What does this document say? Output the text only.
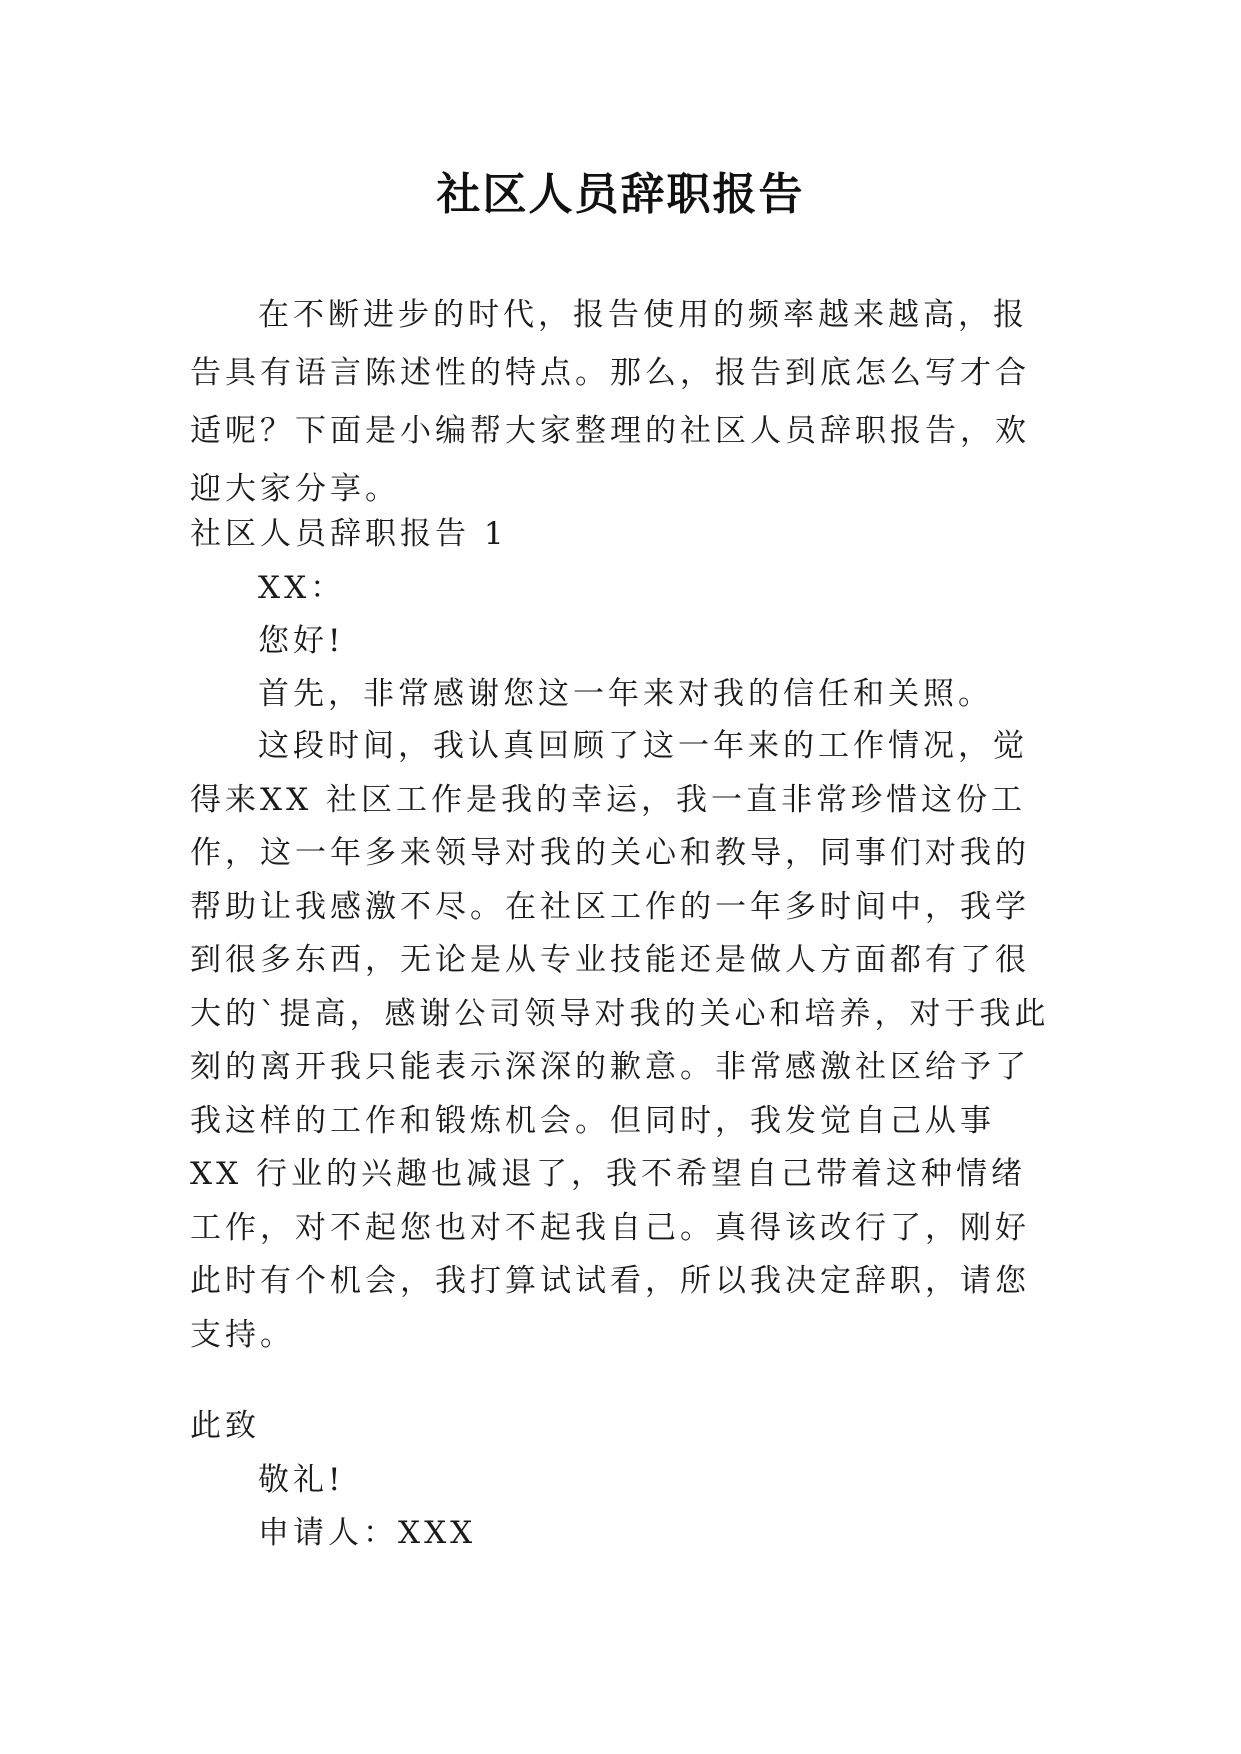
社区人员辞职报告
在不断进步的时代，报告使用的频率越来越高，报告具有语言陈述性的特点。那么，报告到底怎么写才合适呢？下面是小编帮大家整理的社区人员辞职报告，欢迎大家分享。
社区人员辞职报告 1
XX：
您好!
首先，非常感谢您这一年来对我的信任和关照。
这段时间，我认真回顾了这一年来的工作情况，觉得来XX 社区工作是我的幸运，我一直非常珍惜这份工作，这一年多来领导对我的关心和教导，同事们对我的帮助让我感激不尽。在社区工作的一年多时间中，我学到很多东西，无论是从专业技能还是做人方面都有了很大的`提高，感谢公司领导对我的关心和培养，对于我此刻的离开我只能表示深深的歉意。非常感激社区给予了我这样的工作和锻炼机会。但同时，我发觉自己从事 XX 行业的兴趣也减退了，我不希望自己带着这种情绪工作，对不起您也对不起我自己。真得该改行了，刚好此时有个机会，我打算试试看，所以我决定辞职，请您支持。
此致
敬礼!
申请人：XXX
